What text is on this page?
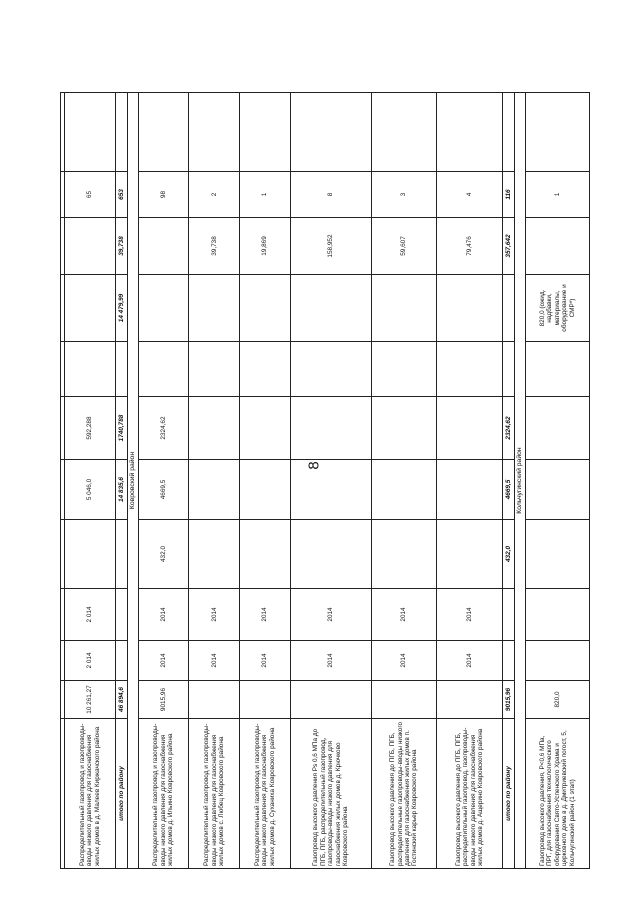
8

Распределительный газопровод и газопроводы-вводы низкого давления для газоснабжения жилых домов в д. Малеев Киржачского района	10 261,27	2 014	2 014		5 046,0	592,288				65	
итого по району	46 894,6				14 835,6	1740,788		14 479,99	39,738	653	
Ковровский район											
Распределительный газопровод и газопроводы-вводы низкого давления для газоснабжения жилых домов д. Ильино Ковровского района	9015,96	2014	2014	432,0	4669,5	2324,62				98	
Распределительный газопровод и газопроводы-вводы низкого давления для газоснабжения жилых домов с. Любец Ковровского района		2014	2014						39,738	2	
Распределительный газопровод и газопроводы-вводы низкого давления для газоснабжения жилых домов д. Суханиха Ковровского района		2014	2014						19,869	1	
Газопровод высокого давления Ps 0,6 МПа до ПГБ, ПГБ, распределительный газопровод, газопроводы-вводы низкого давления для газоснабжения жилых домов д. Крючково Ковровского района		2014	2014						158,952	8	
Газопровод высокого давления до ПГБ, ПГБ, распределительные газопроводы-вводы низкого давления для газоснабжения жилых домов п. Гостинский карьер Ковровского района		2014	2014						59,607	3	
Газопровод высокого давления до ПГБ, ПГБ, распределительный газопровод, газопроводы-вводы низкого давления для газоснабжения жилых домов д. Ащерино Ковровского района		2014	2014						79,476	4	
итого по району	9015,96			432,0	4669,5	2324,62			357,642	116	
Кольчугинский район											
Газопровод высокого давления, P<0,6 МПа, ПРГ, для газоснабжения технологического оборудования Свято-Успенского Храма и церковного дома в д. Дмитриевский погост, 5, Кольчугинский район (1 этап)	820,0							820,0 (ожид. надбавки, материалы, оборудование и СМР*)		1	
